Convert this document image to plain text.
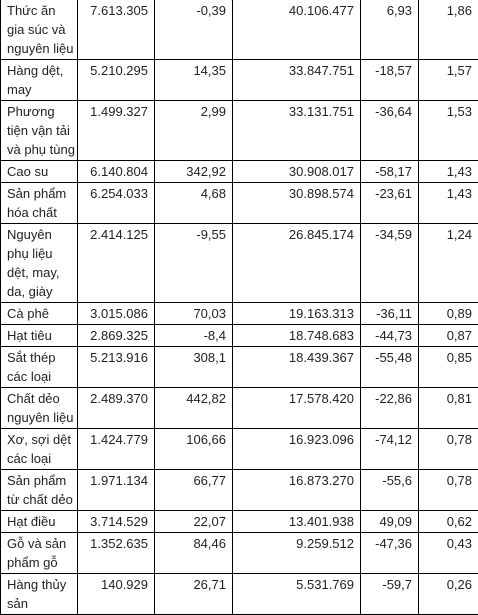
Thức ăn gia súc và nguyên liệu	7.613.305	-0,39	40.106.477	6,93	1,86
Hàng dệt, may	5.210.295	14,35	33.847.751	-18,57	1,57
Phương tiện vận tải và phụ tùng	1.499.327	2,99	33.131.751	-36,64	1,53
Cao su	6.140.804	342,92	30.908.017	-58,17	1,43
Sản phẩm hóa chất	6.254.033	4,68	30.898.574	-23,61	1,43
Nguyên phụ liệu dệt, may, da, giày	2.414.125	-9,55	26.845.174	-34,59	1,24
Cà phê	3.015.086	70,03	19.163.313	-36,11	0,89
Hạt tiêu	2.869.325	-8,4	18.748.683	-44,73	0,87
Sắt thép các loại	5.213.916	308,1	18.439.367	-55,48	0,85
Chất dẻo nguyên liệu	2.489.370	442,82	17.578.420	-22,86	0,81
Xơ, sợi dệt các loại	1.424.779	106,66	16.923.096	-74,12	0,78
Sản phẩm từ chất dẻo	1.971.134	66,77	16.873.270	-55,6	0,78
Hạt điều	3.714.529	22,07	13.401.938	49,09	0,62
Gỗ và sản phẩm gỗ	1.352.635	84,46	9.259.512	-47,36	0,43
Hàng thủy sản	140.929	26,71	5.531.769	-59,7	0,26
